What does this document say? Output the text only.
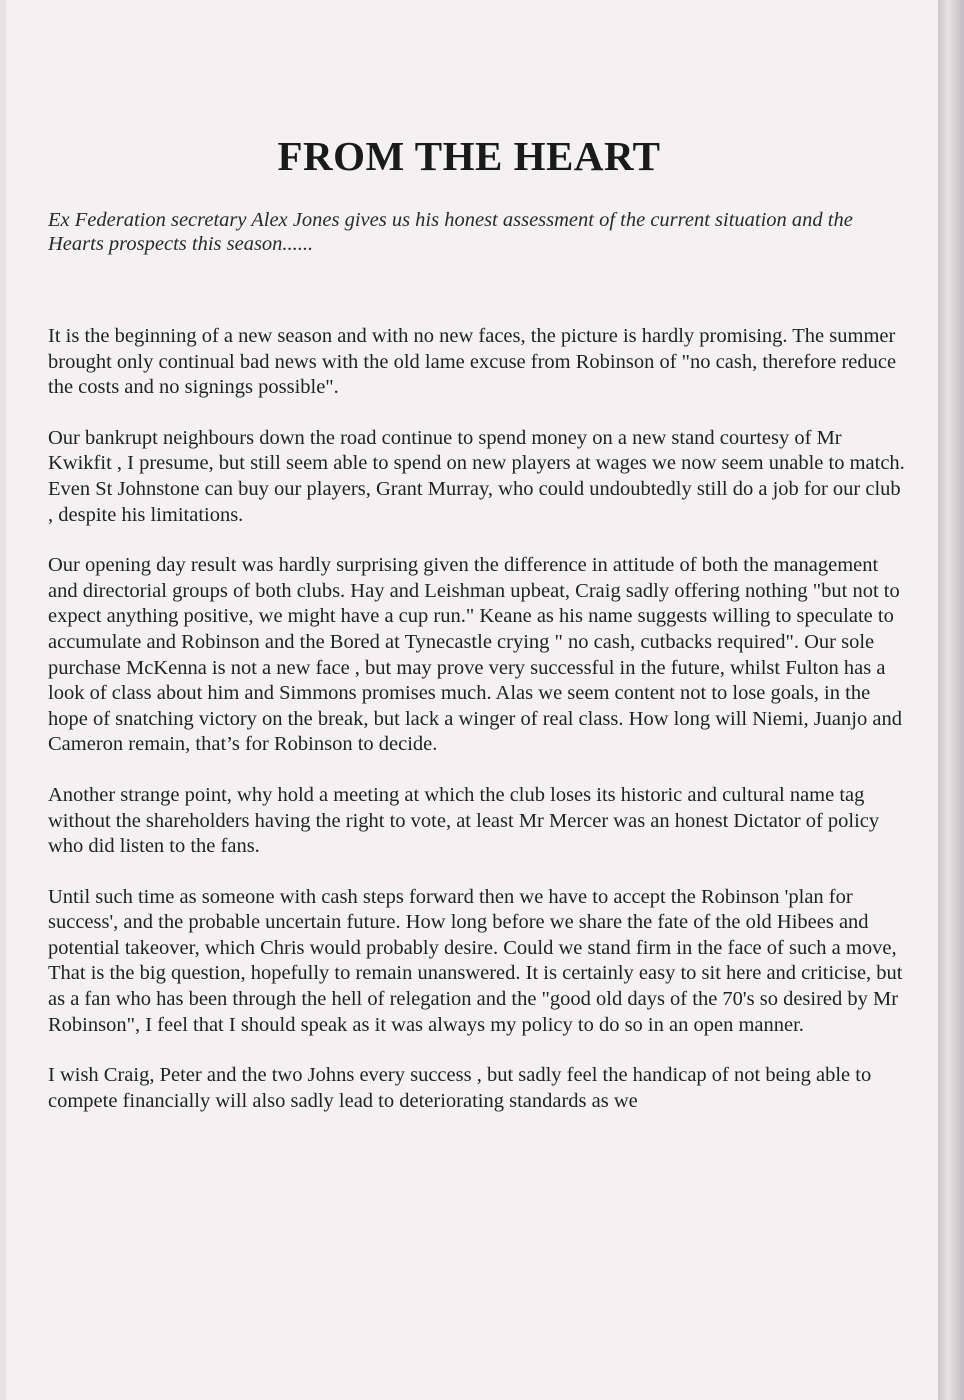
FROM THE HEART

Ex Federation secretary Alex Jones gives us his honest assessment of the current situation and the Hearts prospects this season......

It is the beginning of a new season and with no new faces, the picture is hardly promising. The summer brought only continual bad news with the old lame excuse from Robinson of "no cash, therefore reduce the costs and no signings possible".

Our bankrupt neighbours down the road continue to spend money on a new stand courtesy of Mr Kwikfit , I presume, but still seem able to spend on new players at wages we now seem unable to match. Even St Johnstone can buy our players, Grant Murray, who could undoubtedly still do a job for our club , despite his limitations.

Our opening day result was hardly surprising given the difference in attitude of both the management and directorial groups of both clubs. Hay and Leishman upbeat, Craig sadly offering nothing "but not to expect anything positive, we might have a cup run." Keane as his name suggests willing to speculate to accumulate and Robinson and the Bored at Tynecastle crying " no cash, cutbacks required". Our sole purchase McKenna is not a new face , but may prove very successful in the future, whilst Fulton has a look of class about him and Simmons promises much. Alas we seem content not to lose goals, in the hope of snatching victory on the break, but lack a winger of real class. How long will Niemi, Juanjo and Cameron remain, that’s for Robinson to decide.

Another strange point, why hold a meeting at which the club loses its historic and cultural name tag without the shareholders having the right to vote, at least Mr Mercer was an honest Dictator of policy who did listen to the fans.

Until such time as someone with cash steps forward then we have to accept the Robinson 'plan for success', and the probable uncertain future. How long before we share the fate of the old Hibees and potential takeover, which Chris would probably desire. Could we stand firm in the face of such a move, That is the big question, hopefully to remain unanswered. It is certainly easy to sit here and criticise, but as a fan who has been through the hell of relegation and the "good old days of the 70's so desired by Mr Robinson", I feel that I should speak as it was always my policy to do so in an open manner.

I wish Craig, Peter and the two Johns every success , but sadly feel the handicap of not being able to compete financially will also sadly lead to deteriorating standards as we
